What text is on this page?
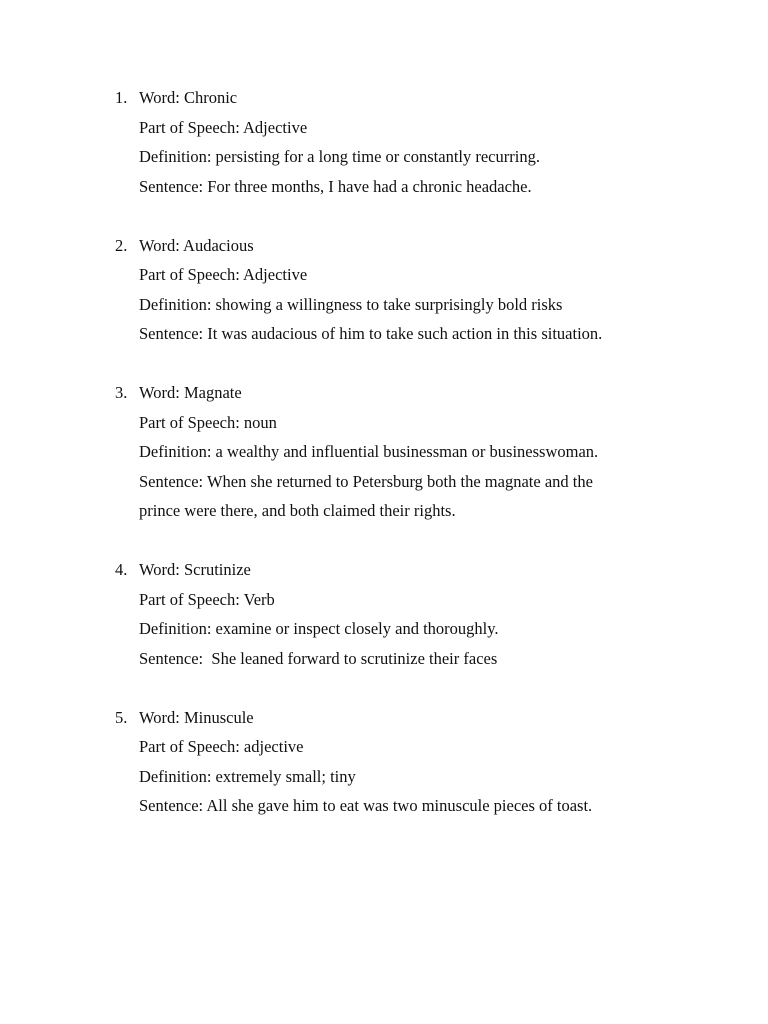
1. Word: Chronic
Part of Speech: Adjective
Definition: persisting for a long time or constantly recurring.
Sentence: For three months, I have had a chronic headache.
2. Word: Audacious
Part of Speech: Adjective
Definition: showing a willingness to take surprisingly bold risks
Sentence: It was audacious of him to take such action in this situation.
3. Word: Magnate
Part of Speech: noun
Definition: a wealthy and influential businessman or businesswoman.
Sentence: When she returned to Petersburg both the magnate and the
prince were there, and both claimed their rights.
4. Word: Scrutinize
Part of Speech: Verb
Definition: examine or inspect closely and thoroughly.
Sentence:  She leaned forward to scrutinize their faces
5. Word: Minuscule
Part of Speech: adjective
Definition: extremely small; tiny
Sentence: All she gave him to eat was two minuscule pieces of toast.
